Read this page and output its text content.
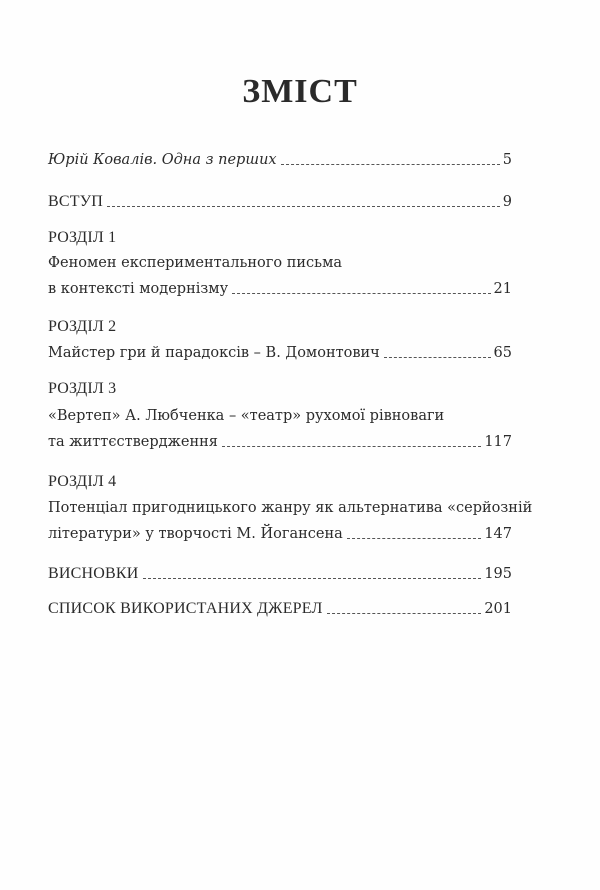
ЗМІСТ
Юрій Ковалів. Одна з перших	5
ВСТУП	9
РОЗДІЛ 1
Феномен експериментального письма
в контексті модернізму	21
РОЗДІЛ 2
Майстер гри й парадоксів – В. Домонтович	65
РОЗДІЛ 3
«Вертеп» А. Любченка – «театр» рухомої рівноваги
та життєствердження	117
РОЗДІЛ 4
Потенціал пригодницького жанру як альтернатива «серйозній
літератури» у творчості М. Йогансена	147
ВИСНОВКИ	195
СПИСОК ВИКОРИСТАНИХ ДЖЕРЕЛ	201
